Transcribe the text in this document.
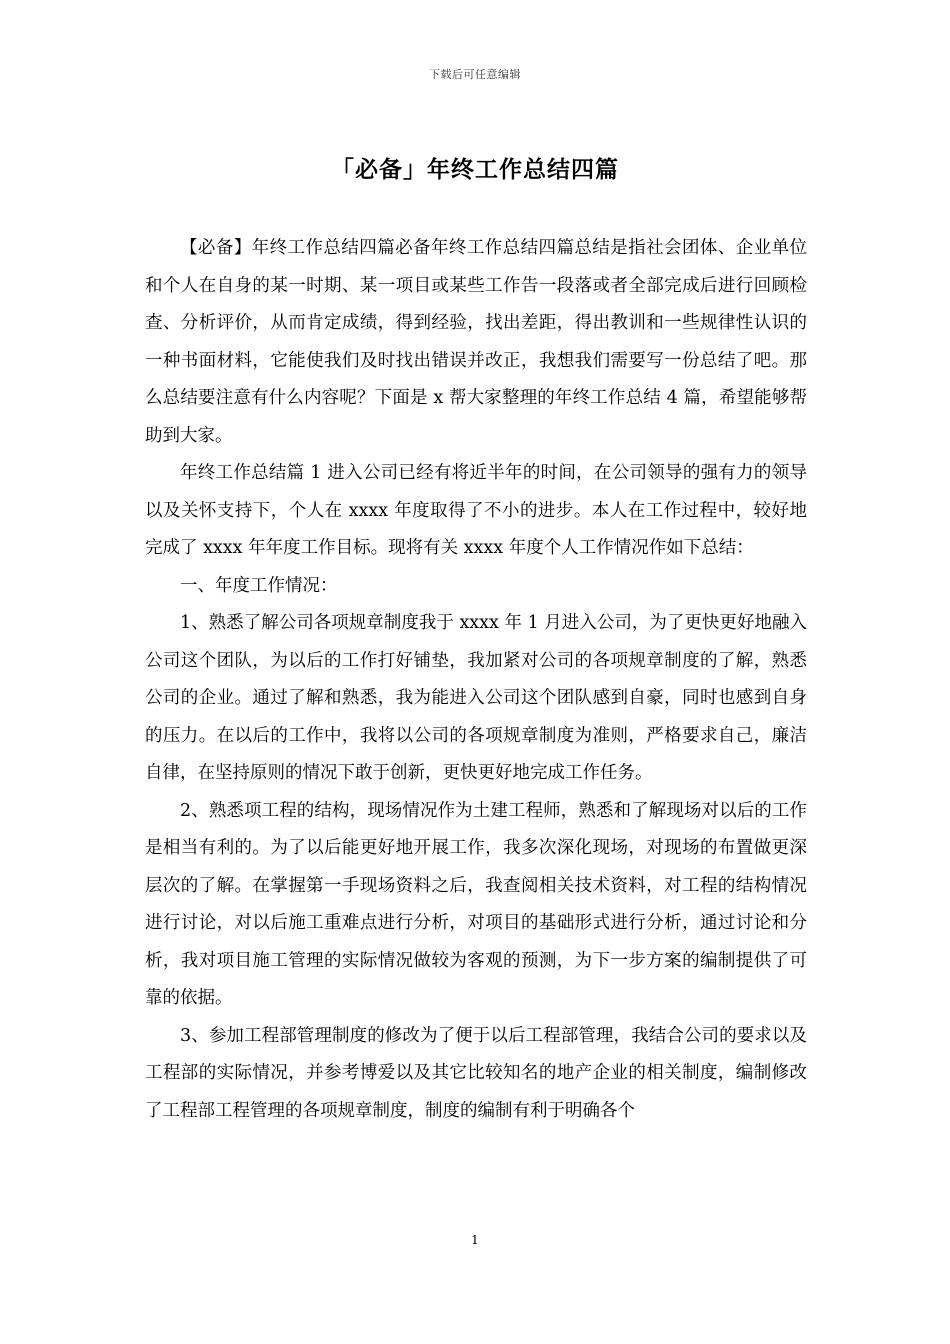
下载后可任意编辑
「必备」年终工作总结四篇

【必备】年终工作总结四篇必备年终工作总结四篇总结是指社会团体、企业单位和个人在自身的某一时期、某一项目或某些工作告一段落或者全部完成后进行回顾检查、分析评价，从而肯定成绩，得到经验，找出差距，得出教训和一些规律性认识的一种书面材料，它能使我们及时找出错误并改正，我想我们需要写一份总结了吧。那么总结要注意有什么内容呢？下面是 x 帮大家整理的年终工作总结 4 篇，希望能够帮助到大家。

年终工作总结篇 1 进入公司已经有将近半年的时间，在公司领导的强有力的领导以及关怀支持下，个人在 xxxx 年度取得了不小的进步。本人在工作过程中，较好地完成了 xxxx 年年度工作目标。现将有关 xxxx 年度个人工作情况作如下总结：

一、年度工作情况：

1、熟悉了解公司各项规章制度我于 xxxx 年 1 月进入公司，为了更快更好地融入公司这个团队，为以后的工作打好铺垫，我加紧对公司的各项规章制度的了解，熟悉公司的企业。通过了解和熟悉，我为能进入公司这个团队感到自豪，同时也感到自身的压力。在以后的工作中，我将以公司的各项规章制度为准则，严格要求自己，廉洁自律，在坚持原则的情况下敢于创新，更快更好地完成工作任务。

2、熟悉项工程的结构，现场情况作为土建工程师，熟悉和了解现场对以后的工作是相当有利的。为了以后能更好地开展工作，我多次深化现场，对现场的布置做更深层次的了解。在掌握第一手现场资料之后，我查阅相关技术资料，对工程的结构情况进行讨论，对以后施工重难点进行分析，对项目的基础形式进行分析，通过讨论和分析，我对项目施工管理的实际情况做较为客观的预测，为下一步方案的编制提供了可靠的依据。

3、参加工程部管理制度的修改为了便于以后工程部管理，我结合公司的要求以及工程部的实际情况，并参考博爱以及其它比较知名的地产企业的相关制度，编制修改了工程部工程管理的各项规章制度，制度的编制有利于明确各个

1
